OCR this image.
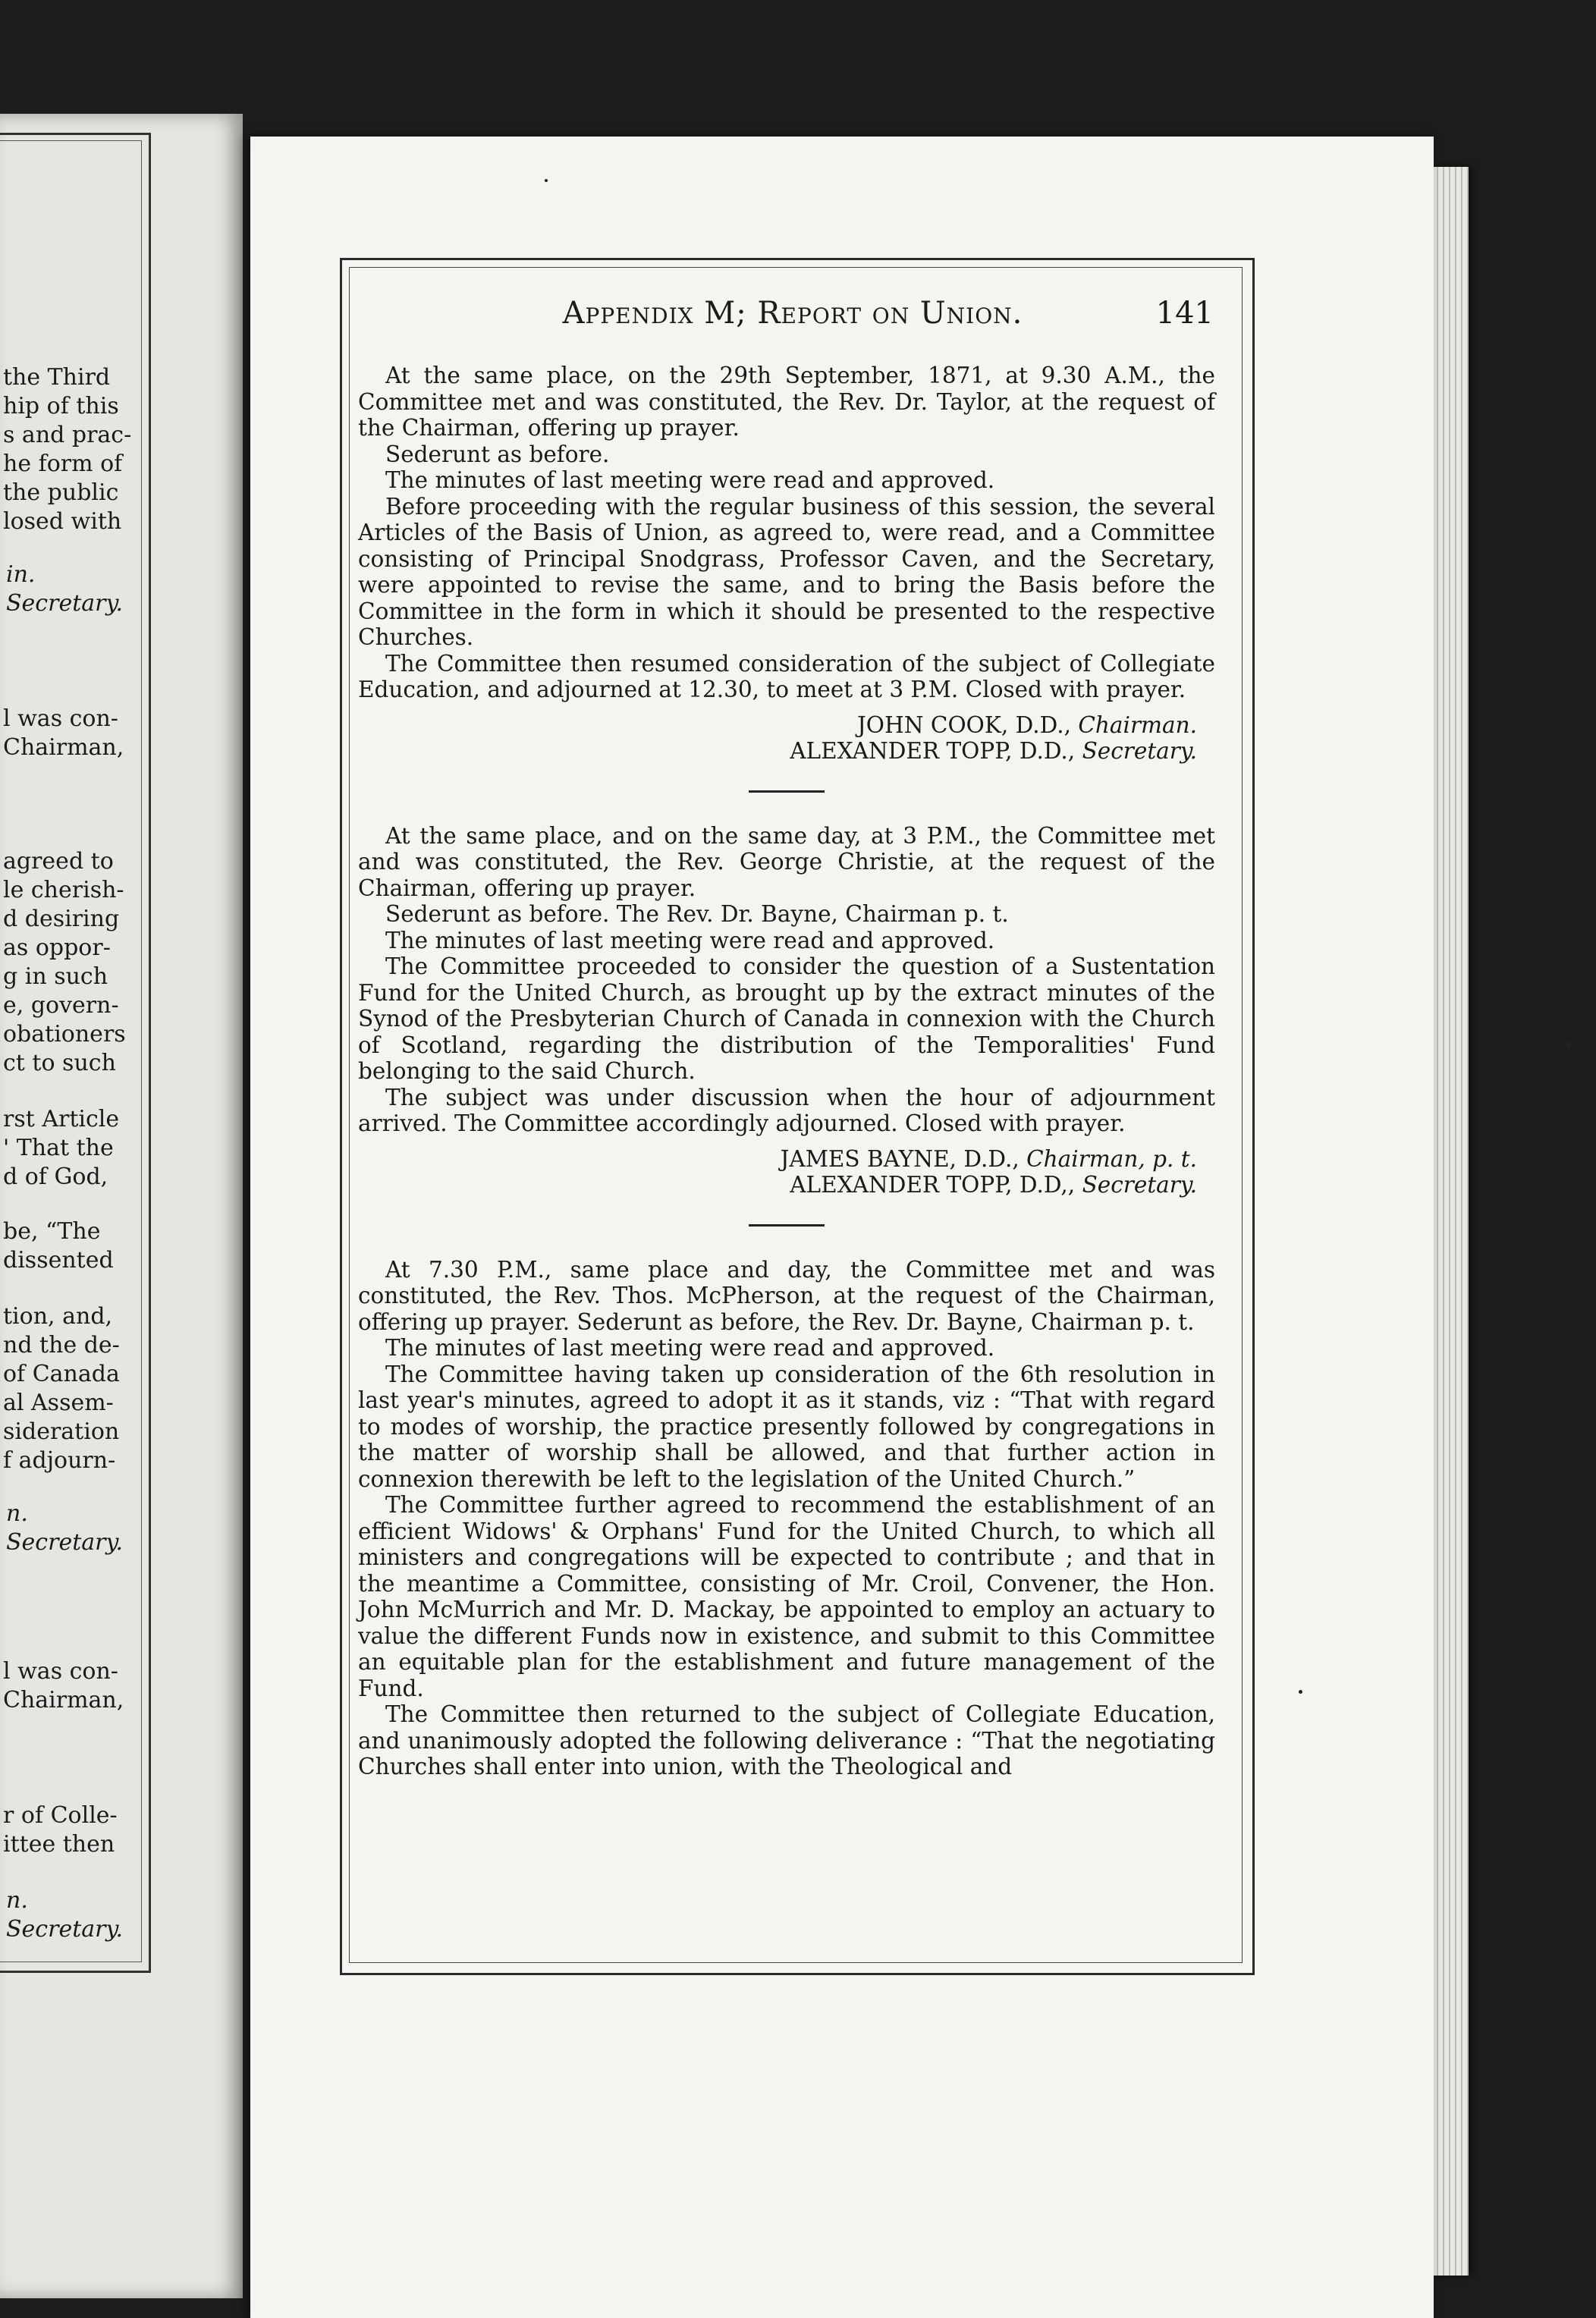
the Third
hip of this
s and prac-
he form of
the public
losed with
in.
Secretary.
l was con-
Chairman,
agreed to
le cherish-
d desiring
as oppor-
g in such
e, govern-
obationers
ct to such
rst Article
' That the
d of God,
be, “The
dissented
tion, and,
nd the de-
of Canada
al Assem-
sideration
f adjourn-
n.
Secretary.
l was con-
Chairman,
r of Colle-
ittee then
n.
Secretary.
Appendix M; Report on Union.	141

At the same place, on the 29th September, 1871, at 9.30 A.M., the Committee met and was constituted, the Rev. Dr. Taylor, at the request of the Chairman, offering up prayer.

Sederunt as before.

The minutes of last meeting were read and approved.

Before proceeding with the regular business of this session, the several Articles of the Basis of Union, as agreed to, were read, and a Committee consisting of Principal Snodgrass, Professor Caven, and the Secretary, were appointed to revise the same, and to bring the Basis before the Committee in the form in which it should be presented to the respective Churches.

The Committee then resumed consideration of the subject of Collegiate Education, and adjourned at 12.30, to meet at 3 P.M. Closed with prayer.

JOHN COOK, D.D., Chairman.
ALEXANDER TOPP, D.D., Secretary.

At the same place, and on the same day, at 3 P.M., the Committee met and was constituted, the Rev. George Christie, at the request of the Chairman, offering up prayer.

Sederunt as before. The Rev. Dr. Bayne, Chairman p. t.

The minutes of last meeting were read and approved.

The Committee proceeded to consider the question of a Sustentation Fund for the United Church, as brought up by the extract minutes of the Synod of the Presbyterian Church of Canada in connexion with the Church of Scotland, regarding the distribution of the Temporalities' Fund belonging to the said Church.

The subject was under discussion when the hour of adjournment arrived. The Committee accordingly adjourned. Closed with prayer.

JAMES BAYNE, D.D., Chairman, p. t.
ALEXANDER TOPP, D.D,, Secretary.

At 7.30 P.M., same place and day, the Committee met and was constituted, the Rev. Thos. McPherson, at the request of the Chairman, offering up prayer. Sederunt as before, the Rev. Dr. Bayne, Chairman p. t.

The minutes of last meeting were read and approved.

The Committee having taken up consideration of the 6th resolution in last year's minutes, agreed to adopt it as it stands, viz : “That with regard to modes of worship, the practice presently followed by congregations in the matter of worship shall be allowed, and that further action in connexion therewith be left to the legislation of the United Church.”

The Committee further agreed to recommend the establishment of an efficient Widows' & Orphans' Fund for the United Church, to which all ministers and congregations will be expected to contribute ; and that in the meantime a Committee, consisting of Mr. Croil, Convener, the Hon. John McMurrich and Mr. D. Mackay, be appointed to employ an actuary to value the different Funds now in existence, and submit to this Committee an equitable plan for the establishment and future management of the Fund.

The Committee then returned to the subject of Collegiate Education, and unanimously adopted the following deliverance : “That the negotiating Churches shall enter into union, with the Theological and
